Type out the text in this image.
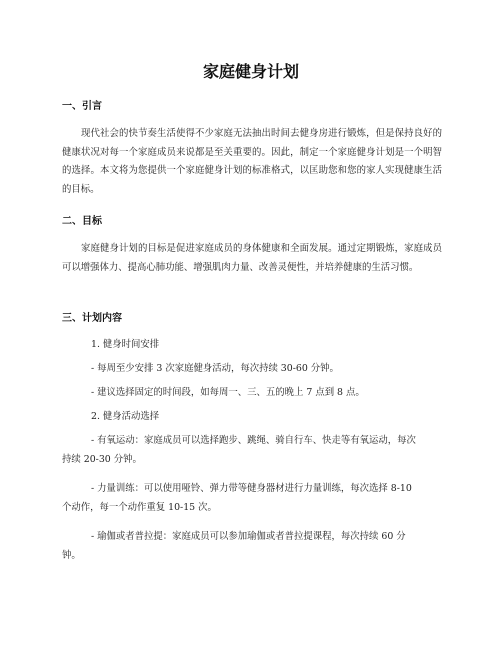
家庭健身计划
一、引言

现代社会的快节奏生活使得不少家庭无法抽出时间去健身房进行锻炼，但是保持良好的健康状况对每一个家庭成员来说都是至关重要的。因此，制定一个家庭健身计划是一个明智的选择。本文将为您提供一个家庭健身计划的标准格式，以匡助您和您的家人实现健康生活的目标。

二、目标

家庭健身计划的目标是促进家庭成员的身体健康和全面发展。通过定期锻炼，家庭成员可以增强体力、提高心肺功能、增强肌肉力量、改善灵便性，并培养健康的生活习惯。

三、计划内容

1. 健身时间安排

- 每周至少安排 3 次家庭健身活动，每次持续 30-60 分钟。

- 建议选择固定的时间段，如每周一、三、五的晚上 7 点到 8 点。

2. 健身活动选择

- 有氧运动：家庭成员可以选择跑步、跳绳、骑自行车、快走等有氧运动，每次持续 20-30 分钟。

- 力量训练：可以使用哑铃、弹力带等健身器材进行力量训练，每次选择 8-10 个动作，每一个动作重复 10-15 次。

- 瑜伽或者普拉提：家庭成员可以参加瑜伽或者普拉提课程，每次持续 60 分钟。
